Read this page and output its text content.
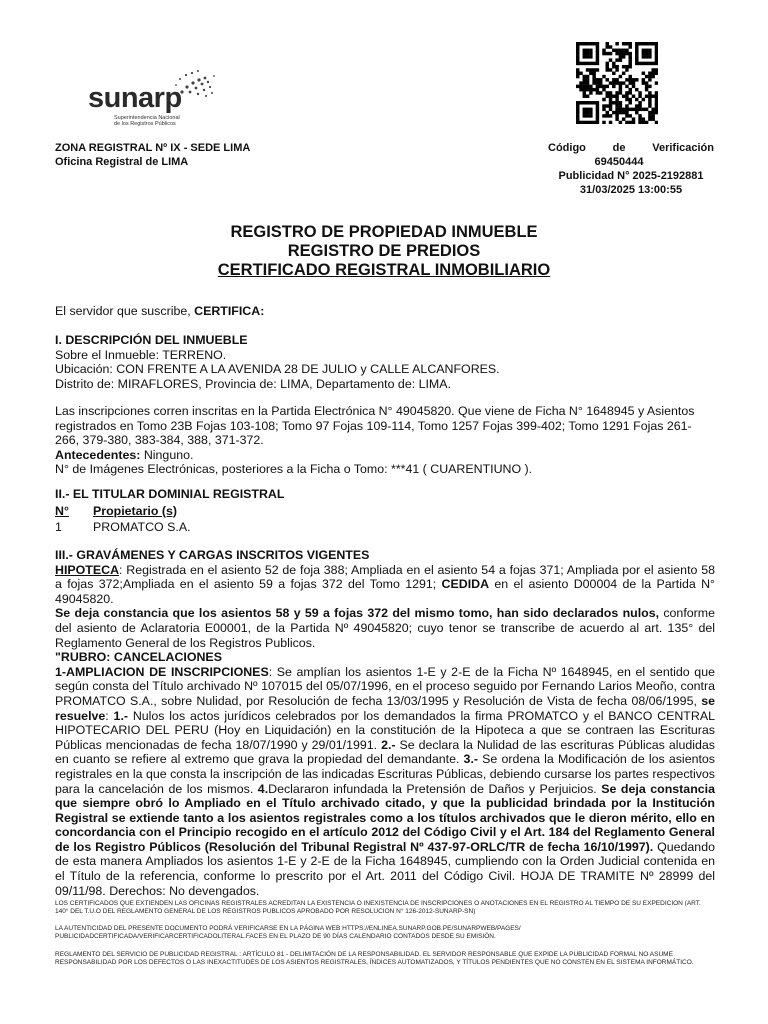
sunarp
Superintendencia Nacional
de los Registros Públicos
ZONA REGISTRAL Nº IX - SEDE LIMA
Oficina Registral de LIMA
Código de Verificación
69450444
Publicidad N° 2025-2192881
31/03/2025 13:00:55
REGISTRO DE PROPIEDAD INMUEBLE
REGISTRO DE PREDIOS
CERTIFICADO REGISTRAL INMOBILIARIO
El servidor que suscribe, CERTIFICA:

I. DESCRIPCIÓN DEL INMUEBLE

Sobre el Inmueble: TERRENO.

Ubicación: CON FRENTE A LA AVENIDA 28 DE JULIO y CALLE ALCANFORES.

Distrito de: MIRAFLORES, Provincia de: LIMA, Departamento de: LIMA.

Las inscripciones corren inscritas en la Partida Electrónica N° 49045820. Que viene de Ficha N° 1648945 y Asientos registrados en Tomo 23B Fojas 103-108; Tomo 97 Fojas 109-114, Tomo 1257 Fojas 399-402; Tomo 1291 Fojas 261-266, 379-380, 383-384, 388, 371-372.

Antecedentes: Ninguno.

N° de Imágenes Electrónicas, posteriores a la Ficha o Tomo: ***41 ( CUARENTIUNO ).

II.- EL TITULAR DOMINIAL REGISTRAL

N°	Propietario (s)
1	PROMATCO S.A.

III.- GRAVÁMENES Y CARGAS INSCRITOS VIGENTES

HIPOTECA: Registrada en el asiento 52 de foja 388; Ampliada en el asiento 54 a fojas 371; Ampliada por el asiento 58 a fojas 372;Ampliada en el asiento 59 a fojas 372 del Tomo 1291; CEDIDA en el asiento D00004 de la Partida N° 49045820.

Se deja constancia que los asientos 58 y 59 a fojas 372 del mismo tomo, han sido declarados nulos, conforme del asiento de Aclaratoria E00001, de la Partida Nº 49045820; cuyo tenor se transcribe de acuerdo al art. 135° del Reglamento General de los Registros Publicos.

"RUBRO: CANCELACIONES

1-AMPLIACION DE INSCRIPCIONES: Se amplían los asientos 1-E y 2-E de la Ficha Nº 1648945, en el sentido que según consta del Título archivado Nº 107015 del 05/07/1996, en el proceso seguido por Fernando Larios Meoño, contra PROMATCO S.A., sobre Nulidad, por Resolución de fecha 13/03/1995 y Resolución de Vista de fecha 08/06/1995, se resuelve: 1.- Nulos los actos jurídicos celebrados por los demandados la firma PROMATCO y el BANCO CENTRAL HIPOTECARIO DEL PERU (Hoy en Liquidación) en la constitución de la Hipoteca a que se contraen las Escrituras Públicas mencionadas de fecha 18/07/1990 y 29/01/1991. 2.- Se declara la Nulidad de las escrituras Públicas aludidas en cuanto se refiere al extremo que grava la propiedad del demandante. 3.- Se ordena la Modificación de los asientos registrales en la que consta la inscripción de las indicadas Escrituras Públicas, debiendo cursarse los partes respectivos para la cancelación de los mismos. 4.Declararon infundada la Pretensión de Daños y Perjuicios. Se deja constancia que siempre obró lo Ampliado en el Título archivado citado, y que la publicidad brindada por la Institución Registral se extiende tanto a los asientos registrales como a los títulos archivados que le dieron mérito, ello en concordancia con el Principio recogido en el artículo 2012 del Código Civil y el Art. 184 del Reglamento General de los Registro Públicos (Resolución del Tribunal Registral Nº 437-97-ORLC/TR de fecha 16/10/1997). Quedando de esta manera Ampliados los asientos 1-E y 2-E de la Ficha 1648945, cumpliendo con la Orden Judicial contenida en el Título de la referencia, conforme lo prescrito por el Art. 2011 del Código Civil. HOJA DE TRAMITE Nº 28999 del 09/11/98. Derechos: No devengados.

LOS CERTIFICADOS QUE EXTIENDEN LAS OFICINAS REGISTRALES ACREDITAN LA EXISTENCIA O INEXISTENCIA DE INSCRIPCIONES O ANOTACIONES EN EL REGISTRO AL TIEMPO DE SU EXPEDICION (ART. 140° DEL T.U.O DEL REGLAMENTO GENERAL DE LOS REGISTROS PUBLICOS APROBADO POR RESOLUCION N° 126-2012-SUNARP-SN)
LA AUTENTICIDAD DEL PRESENTE DOCUMENTO PODRÁ VERIFICARSE EN LA PÁGINA WEB HTTPS://ENLINEA.SUNARP.GOB.PE/SUNARPWEB/PAGES/ PUBLICIDADCERTIFICADA/VERIFICARCERTIFICADOLITERAL.FACES EN EL PLAZO DE 90 DÍAS CALENDARIO CONTADOS DESDE SU EMISIÓN.
REGLAMENTO DEL SERVICIO DE PUBLICIDAD REGISTRAL : ARTÍCULO 81 - DELIMITACIÓN DE LA RESPONSABILIDAD. EL SERVIDOR RESPONSABLE QUE EXPIDE LA PUBLICIDAD FORMAL NO ASUME RESPONSABILIDAD POR LOS DEFECTOS O LAS INEXACTITUDES DE LOS ASIENTOS REGISTRALES, ÍNDICES AUTOMATIZADOS, Y TÍTULOS PENDIENTES QUE NO CONSTEN EN EL SISTEMA INFORMÁTICO.
